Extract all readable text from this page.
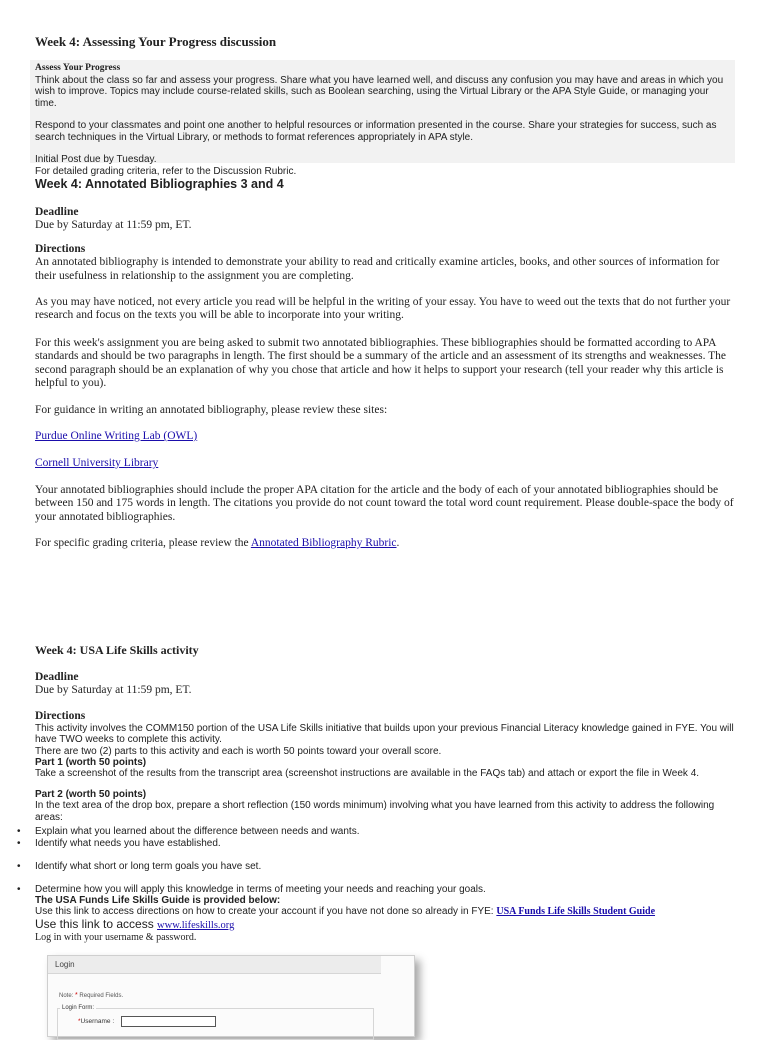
Week 4: Assessing Your Progress discussion

Assess Your Progress

Think about the class so far and assess your progress. Share what you have learned well, and discuss any confusion you may have and areas in which you wish to improve. Topics may include course-related skills, such as Boolean searching, using the Virtual Library or the APA Style Guide, or managing your time.

Respond to your classmates and point one another to helpful resources or information presented in the course. Share your strategies for success, such as search techniques in the Virtual Library, or methods to format references appropriately in APA style.

Initial Post due by Tuesday.

For detailed grading criteria, refer to the Discussion Rubric.

Week 4: Annotated Bibliographies 3 and 4

Deadline

Due by Saturday at 11:59 pm, ET.

Directions

An annotated bibliography is intended to demonstrate your ability to read and critically examine articles, books, and other sources of information for their usefulness in relationship to the assignment you are completing.

As you may have noticed, not every article you read will be helpful in the writing of your essay. You have to weed out the texts that do not further your research and focus on the texts you will be able to incorporate into your writing.
For this week's assignment you are being asked to submit two annotated bibliographies. These bibliographies should be formatted according to APA standards and should be two paragraphs in length. The first should be a summary of the article and an assessment of its strengths and weaknesses. The second paragraph should be an explanation of why you chose that article and how it helps to support your research (tell your reader why this article is helpful to you).
For guidance in writing an annotated bibliography, please review these sites:
Purdue Online Writing Lab (OWL)
Cornell University Library
Your annotated bibliographies should include the proper APA citation for the article and the body of each of your annotated bibliographies should be between 150 and 175 words in length. The citations you provide do not count toward the total word count requirement. Please double-space the body of your annotated bibliographies.
For specific grading criteria, please review the Annotated Bibliography Rubric.
Week 4: USA Life Skills activity

Deadline

Due by Saturday at 11:59 pm, ET.

Directions

This activity involves the COMM150 portion of the USA Life Skills initiative that builds upon your previous Financial Literacy knowledge gained in FYE. You will have TWO weeks to complete this activity.

There are two (2) parts to this activity and each is worth 50 points toward your overall score.

Part 1 (worth 50 points)

Take a screenshot of the results from the transcript area (screenshot instructions are available in the FAQs tab) and attach or export the file in Week 4.

Part 2 (worth 50 points)

In the text area of the drop box, prepare a short reflection (150 words minimum) involving what you have learned from this activity to address the following areas:

• Explain what you learned about the difference between needs and wants.
• Identify what needs you have established.
• Identify what short or long term goals you have set.
• Determine how you will apply this knowledge in terms of meeting your needs and reaching your goals.

The USA Funds Life Skills Guide is provided below:

Use this link to access directions on how to create your account if you have not done so already in FYE: USA Funds Life Skills Student Guide

Use this link to access www.lifeskills.org
Log in with your username & password.
Login
Note: * Required Fields.
Login Form:
*Username :
